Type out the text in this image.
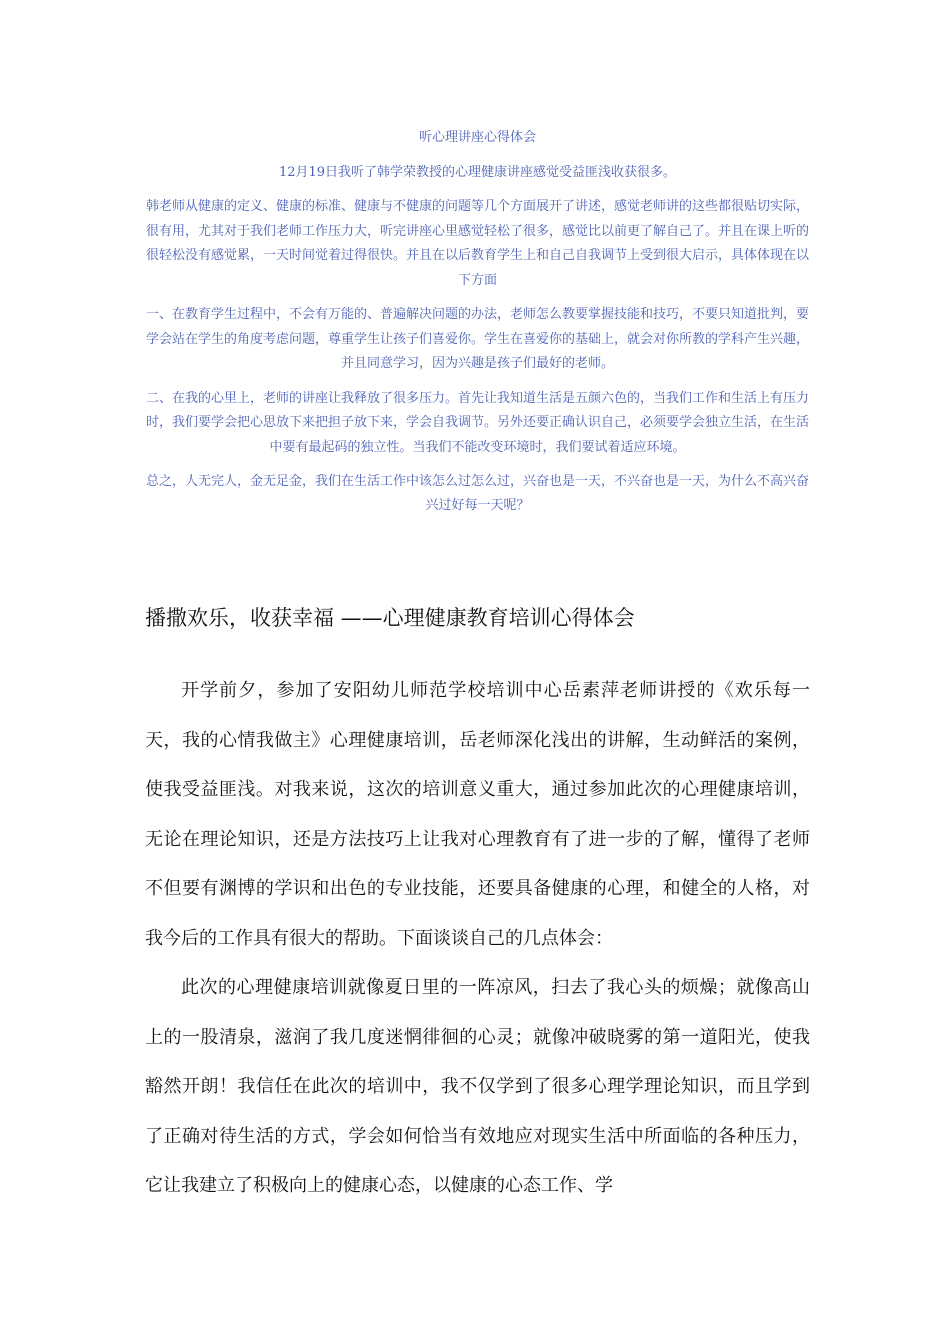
听心理讲座心得体会

12月19日我听了韩学荣教授的心理健康讲座感觉受益匪浅收获很多。

韩老师从健康的定义、健康的标准、健康与不健康的问题等几个方面展开了讲述，感觉老师讲的这些都很贴切实际，很有用，尤其对于我们老师工作压力大，听完讲座心里感觉轻松了很多，感觉比以前更了解自己了。并且在课上听的很轻松没有感觉累，一天时间觉着过得很快。并且在以后教育学生上和自己自我调节上受到很大启示，具体体现在以下方面

一、在教育学生过程中，不会有万能的、普遍解决问题的办法，老师怎么教要掌握技能和技巧，不要只知道批判，要学会站在学生的角度考虑问题，尊重学生让孩子们喜爱你。学生在喜爱你的基础上，就会对你所教的学科产生兴趣，并且同意学习，因为兴趣是孩子们最好的老师。

二、在我的心里上，老师的讲座让我释放了很多压力。首先让我知道生活是五颜六色的，当我们工作和生活上有压力时，我们要学会把心思放下来把担子放下来，学会自我调节。另外还要正确认识自己，必须要学会独立生活，在生活中要有最起码的独立性。当我们不能改变环境时，我们要试着适应环境。

总之，人无完人，金无足金，我们在生活工作中该怎么过怎么过，兴奋也是一天，不兴奋也是一天，为什么不高兴奋兴过好每一天呢？

播撒欢乐，收获幸福 ——心理健康教育培训心得体会

开学前夕，参加了安阳幼儿师范学校培训中心岳素萍老师讲授的《欢乐每一天，我的心情我做主》心理健康培训，岳老师深化浅出的讲解，生动鲜活的案例，使我受益匪浅。对我来说，这次的培训意义重大，通过参加此次的心理健康培训，无论在理论知识，还是方法技巧上让我对心理教育有了进一步的了解，懂得了老师不但要有渊博的学识和出色的专业技能，还要具备健康的心理，和健全的人格，对我今后的工作具有很大的帮助。下面谈谈自己的几点体会：

此次的心理健康培训就像夏日里的一阵凉风，扫去了我心头的烦燥；就像高山上的一股清泉，滋润了我几度迷惘徘徊的心灵；就像冲破晓雾的第一道阳光，使我豁然开朗！我信任在此次的培训中，我不仅学到了很多心理学理论知识，而且学到了正确对待生活的方式，学会如何恰当有效地应对现实生活中所面临的各种压力，它让我建立了积极向上的健康心态，以健康的心态工作、学
